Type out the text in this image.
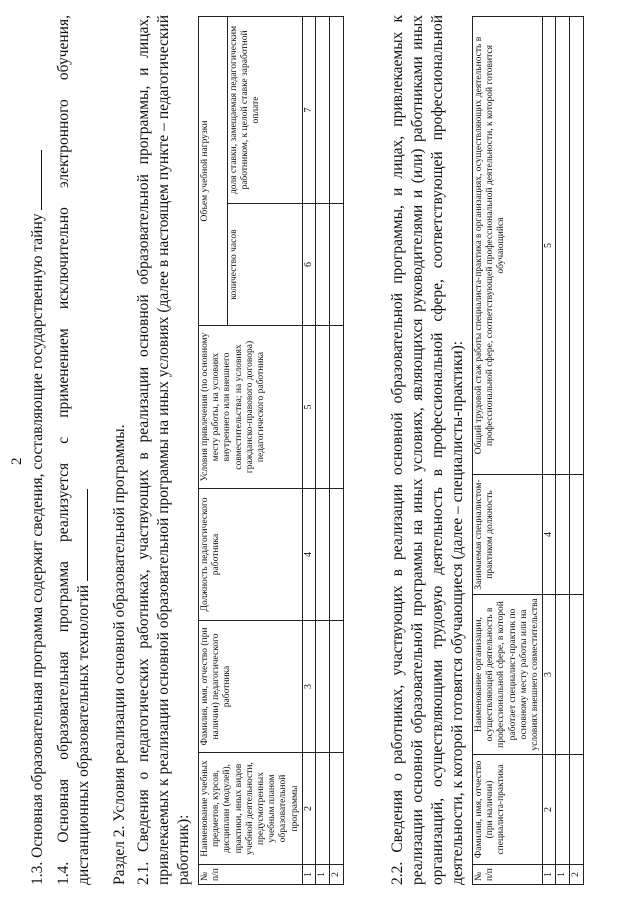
2 1.3. Основная образовательная программа содержит сведения, составляющие государственную тайну 1.4. Основная образовательная программа реализуется с применением исключительно электронного обучения, дистанционных образовательных технологий Раздел 2. Условия реализации основной образовательной программы. 2.1. Сведения о педагогических работниках, участвующих в реализации основной образовательной программы, и лицах, привлекаемых к реализации основной образовательной программы на иных условиях (далее в настоящем пункте – педагогический работник): № п/п	Наименование учебных предметов, курсов, дисциплин (модулей), практики, иных видов учебной деятельности, предусмотренных учебным планом образовательной программы	Фамилия, имя, отчество (при наличии) педагогического работника	Должность педагогического работника	Условия привлечения (по основному месту работы, на условиях внутреннего или внешнего совместительства; на условиях гражданско-правового договора) педагогического работника	Объем учебной нагрузки	
					количество часов	доля ставки, замещаемая педагогическим работником, к целой ставке заработной оплате
1	2	3	4	5	6	7
1						
2							2.2. Сведения о работниках, участвующих в реализации основной образовательной программы, и лицах, привлекаемых к реализации основной образовательной программы на иных условиях, являющихся руководителями и (или) работниками иных организаций, осуществляющими трудовую деятельность в профессиональной сфере, соответствующей профессиональной деятельности, к которой готовятся обучающиеся (далее – специалисты-практики): № п/п	Фамилия, имя, отчество (при наличии) специалиста-практика	Наименование организации, осуществляющей деятельность в профессиональной сфере, в которой работает специалист-практик по основному месту работы или на условиях внешнего совместительства	Занимаемая специалистом-практиком должность	Общий трудовой стаж работы специалиста-практика в организациях, осуществляющих деятельность в профессиональной сфере, соответствующей профессиональной деятельности, к которой готовится обучающийся
1	2	3	4	5
1				
2				
